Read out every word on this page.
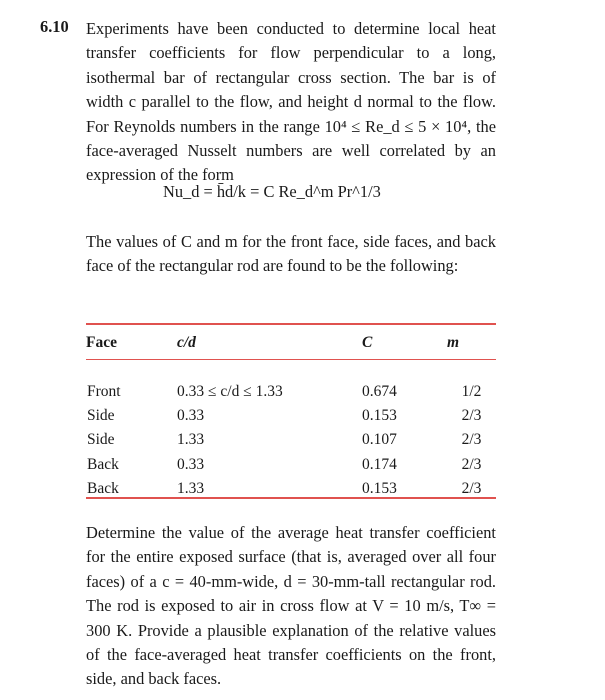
6.10 Experiments have been conducted to determine local heat transfer coefficients for flow perpendicular to a long, isothermal bar of rectangular cross section. The bar is of width c parallel to the flow, and height d normal to the flow. For Reynolds numbers in the range 10⁴ ≤ Re_d ≤ 5 × 10⁴, the face-averaged Nusselt numbers are well correlated by an expression of the form
Nu_d = h̄d/k = C Re_d^m Pr^1/3
The values of C and m for the front face, side faces, and back face of the rectangular rod are found to be the following:
Face	c/d	C	m

Front	0.33 ≤ c/d ≤ 1.33	0.674	1/2
Side	0.33	0.153	2/3
Side	1.33	0.107	2/3
Back	0.33	0.174	2/3
Back	1.33	0.153	2/3
Determine the value of the average heat transfer coefficient for the entire exposed surface (that is, averaged over all four faces) of a c = 40-mm-wide, d = 30-mm-tall rectangular rod. The rod is exposed to air in cross flow at V = 10 m/s, T∞ = 300 K. Provide a plausible explanation of the relative values of the face-averaged heat transfer coefficients on the front, side, and back faces.
